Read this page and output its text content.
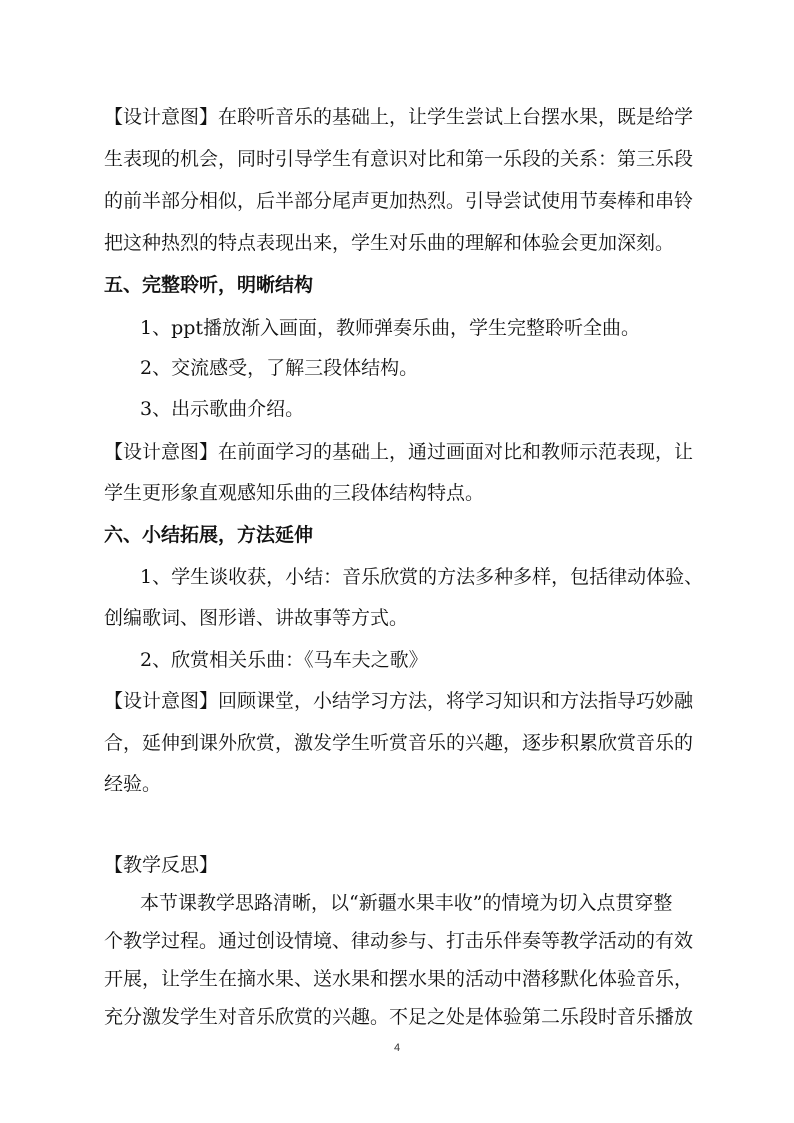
【设计意图】在聆听音乐的基础上，让学生尝试上台摆水果，既是给学
生表现的机会，同时引导学生有意识对比和第一乐段的关系：第三乐段
的前半部分相似，后半部分尾声更加热烈。引导尝试使用节奏棒和串铃
把这种热烈的特点表现出来，学生对乐曲的理解和体验会更加深刻。
五、完整聆听，明晰结构
1、ppt播放渐入画面，教师弹奏乐曲，学生完整聆听全曲。
2、交流感受，了解三段体结构。
3、出示歌曲介绍。
【设计意图】在前面学习的基础上，通过画面对比和教师示范表现，让
学生更形象直观感知乐曲的三段体结构特点。
六、小结拓展，方法延伸
1、学生谈收获，小结：音乐欣赏的方法多种多样，包括律动体验、
创编歌词、图形谱、讲故事等方式。
2、欣赏相关乐曲：《马车夫之歌》
【设计意图】回顾课堂，小结学习方法，将学习知识和方法指导巧妙融
合，延伸到课外欣赏，激发学生听赏音乐的兴趣，逐步积累欣赏音乐的
经验。
【教学反思】
本节课教学思路清晰，以“新疆水果丰收”的情境为切入点贯穿整
个教学过程。通过创设情境、律动参与、打击乐伴奏等教学活动的有效
开展，让学生在摘水果、送水果和摆水果的活动中潜移默化体验音乐，
充分激发学生对音乐欣赏的兴趣。不足之处是体验第二乐段时音乐播放
4
